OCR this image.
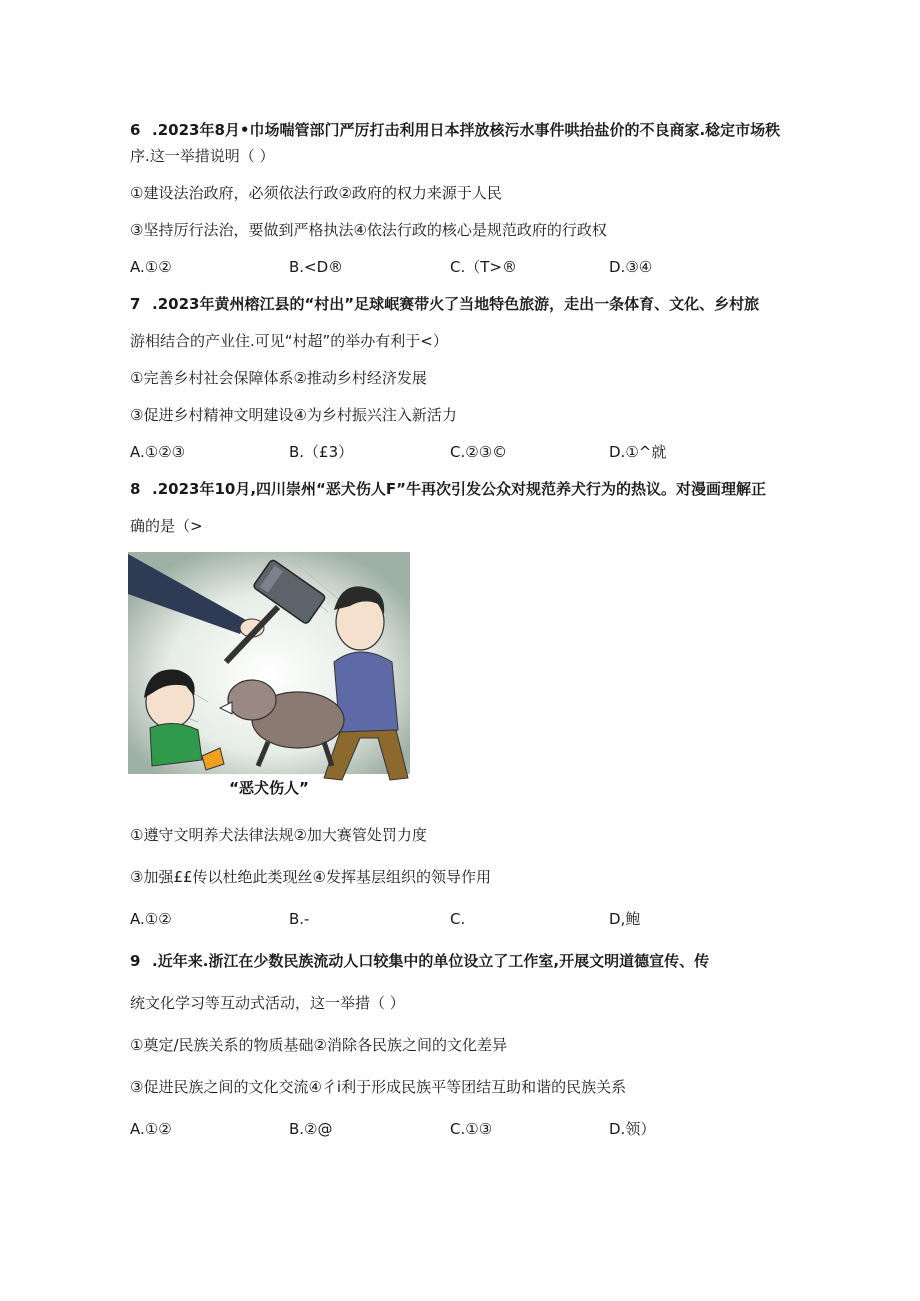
6 .2023年8月•巾场喘管部门严厉打击利用日本拌放核污水事件哄抬盐价的不良商家.稔定市场秩
序.这一举措说明（ ）
①建设法治政府，必须依法行政②政府的权力来源于人民
③坚持厉行法治，要做到严格执法④依法行政的核心是规范政府的行政权
A.①②	B.<D®	C.（T>®	D.③④
7 .2023年黄州榕江县的“村出”足球岷赛带火了当地特色旅游，走出一条体育、文化、乡村旅
游相结合的产业住.可见“村超”的举办有利于<）
①完善乡村社会保障体系②推动乡村经济发展
③促进乡村精神文明建设④为乡村振兴注入新活力
A.①②③	B.（£3）	C.②③©	D.①^就
8 .2023年10月,四川崇州“恶犬伤人F”牛再次引发公众对规范养犬行为的热议。对漫画理解正
确的是（>
“恶犬伤人”
①遵守文明养犬法律法规②加大赛管处罚力度
③加强££传以杜绝此类现丝④发挥基层组织的领导作用
A.①②	B.-	C.	D,鲍
9 .近年来.浙江在少数民族流动人口较集中的单位设立了工作室,开展文明道德宣传、传
统文化学习等互动式活动，这一举措（ ）
①奠定/民族关系的物质基础②消除各民族之间的文化差异
③促进民族之间的文化交流④彳i利于形成民族平等团结互助和谐的民族关系
A.①②	B.②@	C.①③	D.领）
